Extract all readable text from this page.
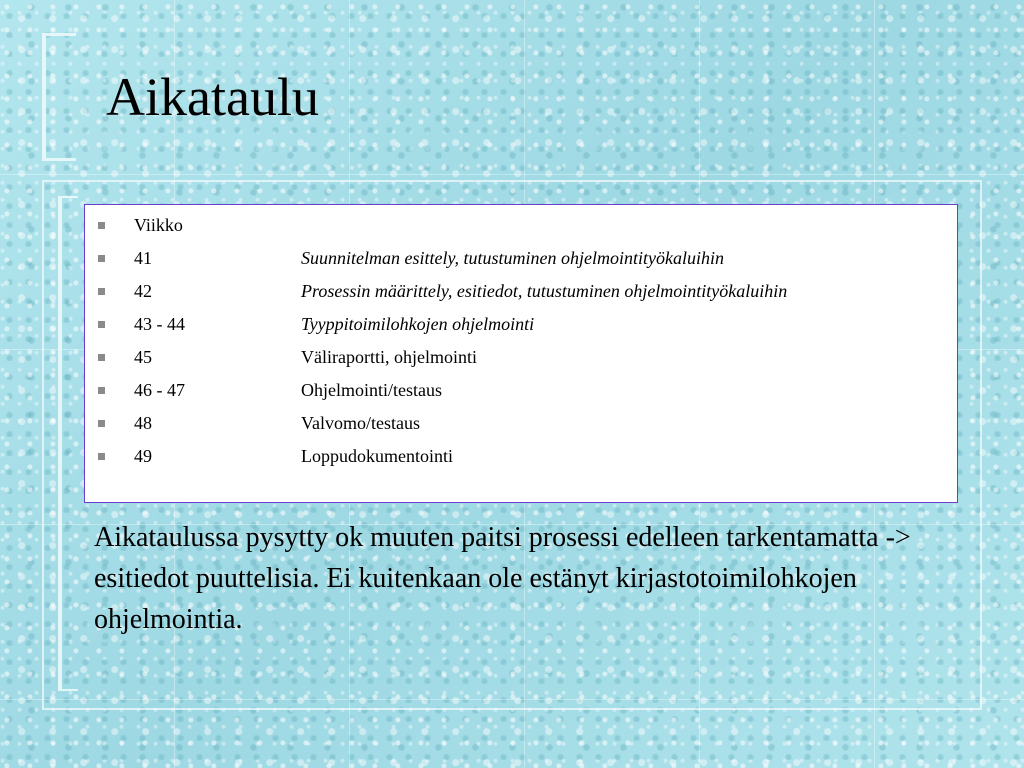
Aikataulu
Viikko
41	Suunnitelman esittely, tutustuminen ohjelmointityökaluihin
42	Prosessin määrittely, esitiedot, tutustuminen ohjelmointityökaluihin
43 - 44	Tyyppitoimilohkojen ohjelmointi
45	Väliraportti, ohjelmointi
46 - 47	Ohjelmointi/testaus
48	Valvomo/testaus
49	Loppudokumentointi

Aikataulussa pysytty ok muuten paitsi prosessi edelleen tarkentamatta -> esitiedot puuttelisia. Ei kuitenkaan ole estänyt kirjastotoimilohkojen ohjelmointia.
